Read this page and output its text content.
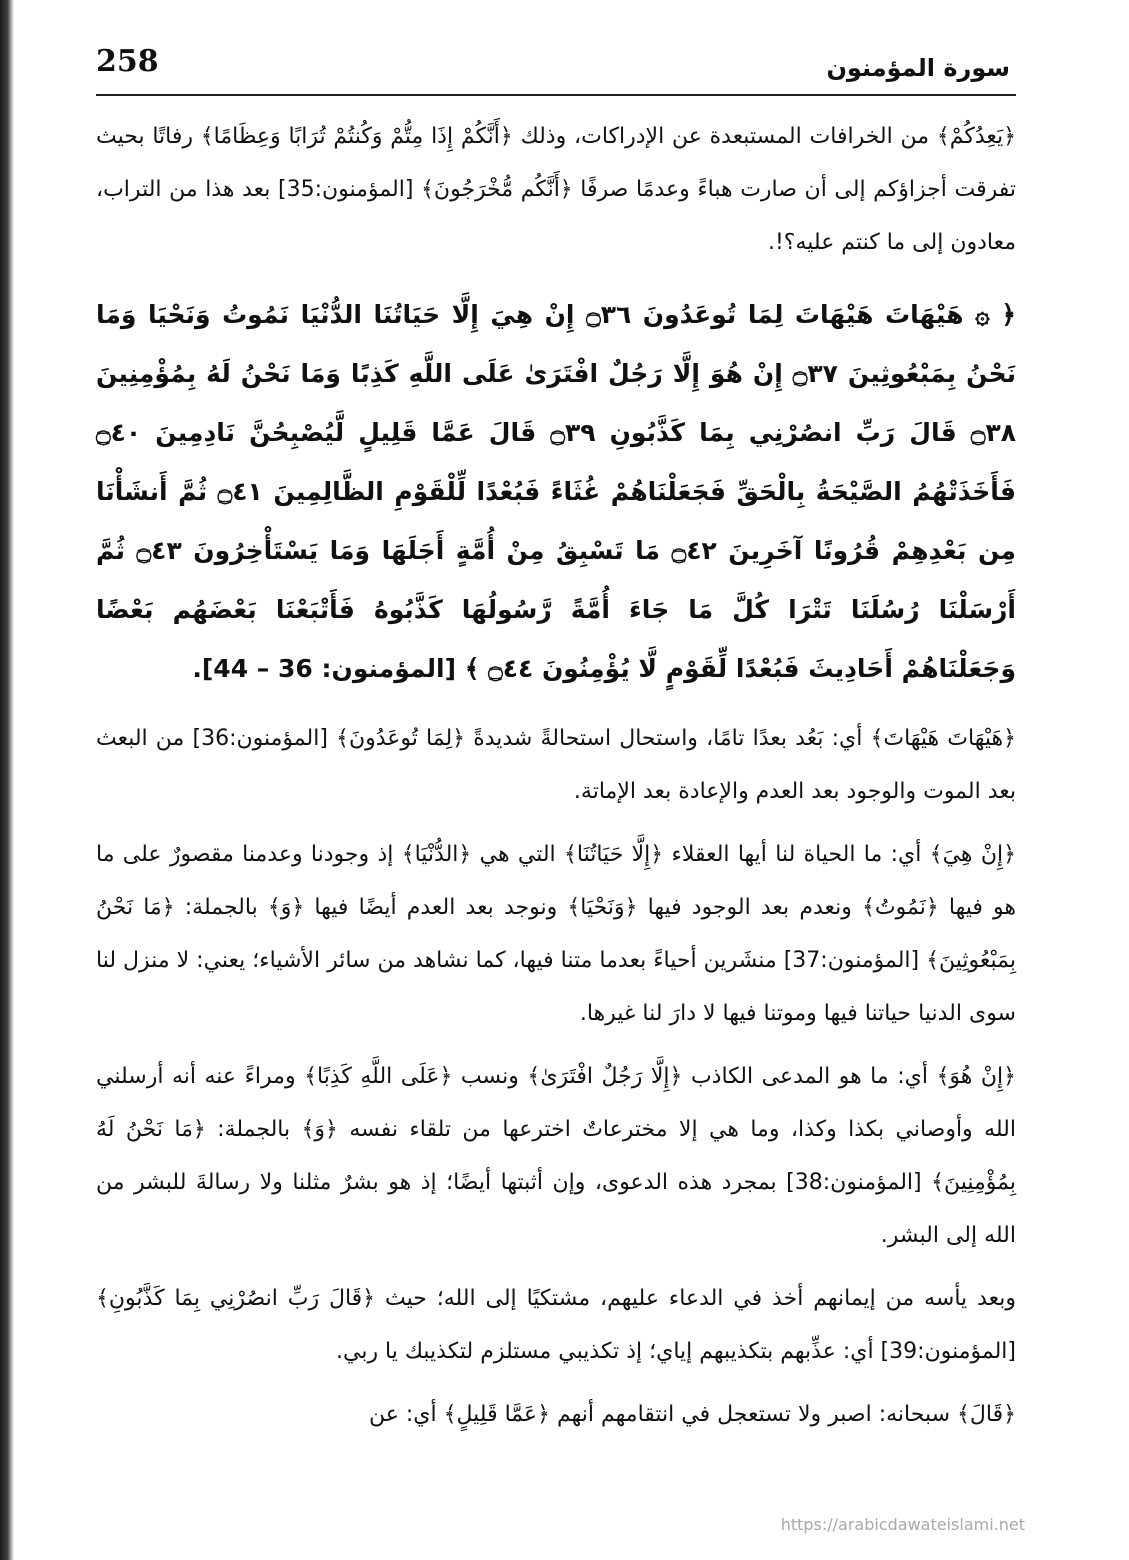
258	سورة المؤمنون

﴿يَعِدُكُمْ﴾ من الخرافات المستبعدة عن الإدراكات، وذلك ﴿أَنَّكُمْ إِذَا مِتُّمْ وَكُنتُمْ تُرَابًا وَعِظَامًا﴾ رفاتًا بحيث تفرقت أجزاؤكم إلى أن صارت هباءً وعدمًا صرفًا ﴿أَنَّكُم مُّخْرَجُونَ﴾ [المؤمنون:35] بعد هذا من التراب، معادون إلى ما كنتم عليه؟!.

﴿ ۞ هَيْهَاتَ هَيْهَاتَ لِمَا تُوعَدُونَ ۝٣٦ إِنْ هِيَ إِلَّا حَيَاتُنَا الدُّنْيَا نَمُوتُ وَنَحْيَا وَمَا نَحْنُ بِمَبْعُوثِينَ ۝٣٧ إِنْ هُوَ إِلَّا رَجُلٌ افْتَرَىٰ عَلَى اللَّهِ كَذِبًا وَمَا نَحْنُ لَهُ بِمُؤْمِنِينَ ۝٣٨ قَالَ رَبِّ انصُرْنِي بِمَا كَذَّبُونِ ۝٣٩ قَالَ عَمَّا قَلِيلٍ لَّيُصْبِحُنَّ نَادِمِينَ ۝٤٠ فَأَخَذَتْهُمُ الصَّيْحَةُ بِالْحَقِّ فَجَعَلْنَاهُمْ غُثَاءً فَبُعْدًا لِّلْقَوْمِ الظَّالِمِينَ ۝٤١ ثُمَّ أَنشَأْنَا مِن بَعْدِهِمْ قُرُونًا آخَرِينَ ۝٤٢ مَا تَسْبِقُ مِنْ أُمَّةٍ أَجَلَهَا وَمَا يَسْتَأْخِرُونَ ۝٤٣ ثُمَّ أَرْسَلْنَا رُسُلَنَا تَتْرَا كُلَّ مَا جَاءَ أُمَّةً رَّسُولُهَا كَذَّبُوهُ فَأَتْبَعْنَا بَعْضَهُم بَعْضًا وَجَعَلْنَاهُمْ أَحَادِيثَ فَبُعْدًا لِّقَوْمٍ لَّا يُؤْمِنُونَ ۝٤٤ ﴾ [المؤمنون: 36 – 44].

﴿هَيْهَاتَ هَيْهَاتَ﴾ أي: بَعُد بعدًا تامًا، واستحال استحالةً شديدةً ﴿لِمَا تُوعَدُونَ﴾ [المؤمنون:36] من البعث بعد الموت والوجود بعد العدم والإعادة بعد الإماتة.

﴿إِنْ هِيَ﴾ أي: ما الحياة لنا أيها العقلاء ﴿إِلَّا حَيَاتُنَا﴾ التي هي ﴿الدُّنْيَا﴾ إذ وجودنا وعدمنا مقصورٌ على ما هو فيها ﴿نَمُوتُ﴾ ونعدم بعد الوجود فيها ﴿وَنَحْيَا﴾ ونوجد بعد العدم أيضًا فيها ﴿وَ﴾ بالجملة: ﴿مَا نَحْنُ بِمَبْعُوثِينَ﴾ [المؤمنون:37] منشَرين أحياءً بعدما متنا فيها، كما نشاهد من سائر الأشياء؛ يعني: لا منزل لنا سوى الدنيا حياتنا فيها وموتنا فيها لا دارَ لنا غيرها.

﴿إِنْ هُوَ﴾ أي: ما هو المدعى الكاذب ﴿إِلَّا رَجُلٌ افْتَرَىٰ﴾ ونسب ﴿عَلَى اللَّهِ كَذِبًا﴾ ومراءً عنه أنه أرسلني الله وأوصاني بكذا وكذا، وما هي إلا مخترعاتٌ اخترعها من تلقاء نفسه ﴿وَ﴾ بالجملة: ﴿مَا نَحْنُ لَهُ بِمُؤْمِنِينَ﴾ [المؤمنون:38] بمجرد هذه الدعوى، وإن أثبتها أيضًا؛ إذ هو بشرٌ مثلنا ولا رسالةَ للبشر من الله إلى البشر.

وبعد يأسه من إيمانهم أخذ في الدعاء عليهم، مشتكيًا إلى الله؛ حيث ﴿قَالَ رَبِّ انصُرْنِي بِمَا كَذَّبُونِ﴾ [المؤمنون:39] أي: عذِّبهم بتكذيبهم إياي؛ إذ تكذيبي مستلزم لتكذيبك يا ربي.

﴿قَالَ﴾ سبحانه: اصبر ولا تستعجل في انتقامهم أنهم ﴿عَمَّا قَلِيلٍ﴾ أي: عن

https://arabicdawateislami.net
